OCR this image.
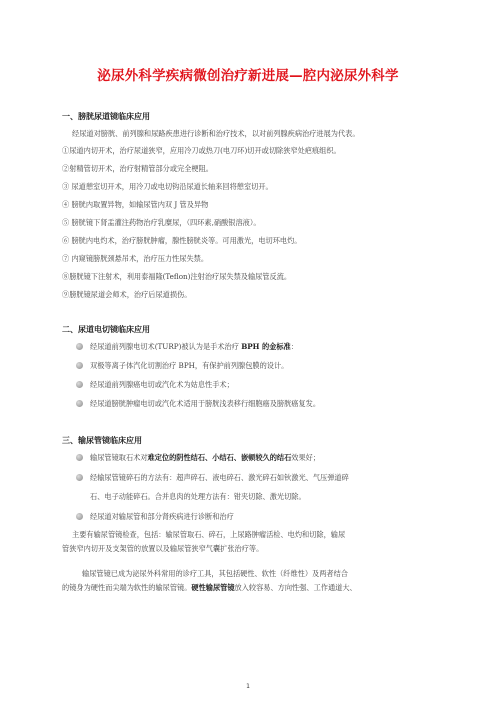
泌尿外科学疾病微创治疗新进展—腔内泌尿外科学
一、膀胱尿道镜临床应用
经尿道对膀胱、前列腺和尿路疾患进行诊断和治疗技术，以对前列腺疾病治疗进展为代表。
①尿道内切开术，治疗尿道狭窄，应用冷刀或热刀(电刀环)切开或切除狭窄处疤痕组织。
②射精管切开术，治疗射精管部分或完全梗阻。
③ 尿道憩室切开术，用冷刀或电切钩沿尿道长轴来回将憩室切开。
④ 膀胱内取置异物，如输尿管内双 J 管及异物
⑤ 膀胱镜下肾盂灌注药物治疗乳糜尿，（四环素,硝酸银溶液）。
⑥ 膀胱内电灼术，治疗膀胱肿瘤，腺性膀胱炎等。可用激光，电切环电灼。
⑦ 内窥镜膀胱颈悬吊术，治疗压力性尿失禁。
⑧膀胱镜下注射术，利用泰福隆(Teflon)注射治疗尿失禁及输尿管反流。
⑨膀胱镜尿道会师术，治疗后尿道损伤。
二、尿道电切镜临床应用
经尿道前列腺电切术(TURP)被认为是手术治疗 BPH 的金标准：
双极等离子体汽化切割治疗 BPH，有保护前列腺包膜的设计。
经尿道前列腺癌电切或汽化术为姑息性手术；
经尿道膀胱肿瘤电切或汽化术适用于膀胱浅表移行细胞癌及膀胱癌复发。
三、输尿管镜临床应用
输尿管镜取石术对难定位的阴性结石、小结石、嵌顿较久的结石效果好；
经输尿管镜碎石的方法有：超声碎石、液电碎石、激光碎石如钬激光、气压弹道碎
石、电子动能碎石。合并息肉的处理方法有：钳夹切除、激光切除。
经尿道对输尿管和部分肾疾病进行诊断和治疗
主要有输尿管镜检查，包括：输尿管取石、碎石，上尿路肿瘤活检、电灼和切除，输尿
管狭窄内切开及支架管的放置以及输尿管狭窄气囊扩张治疗等。
输尿管镜已成为泌尿外科常用的诊疗工具，其包括硬性、软性（纤维性）及两者结合
的镜身为硬性而尖端为软性的输尿管镜。硬性输尿管镜放入较容易、方向性强、工作通道大、
1
